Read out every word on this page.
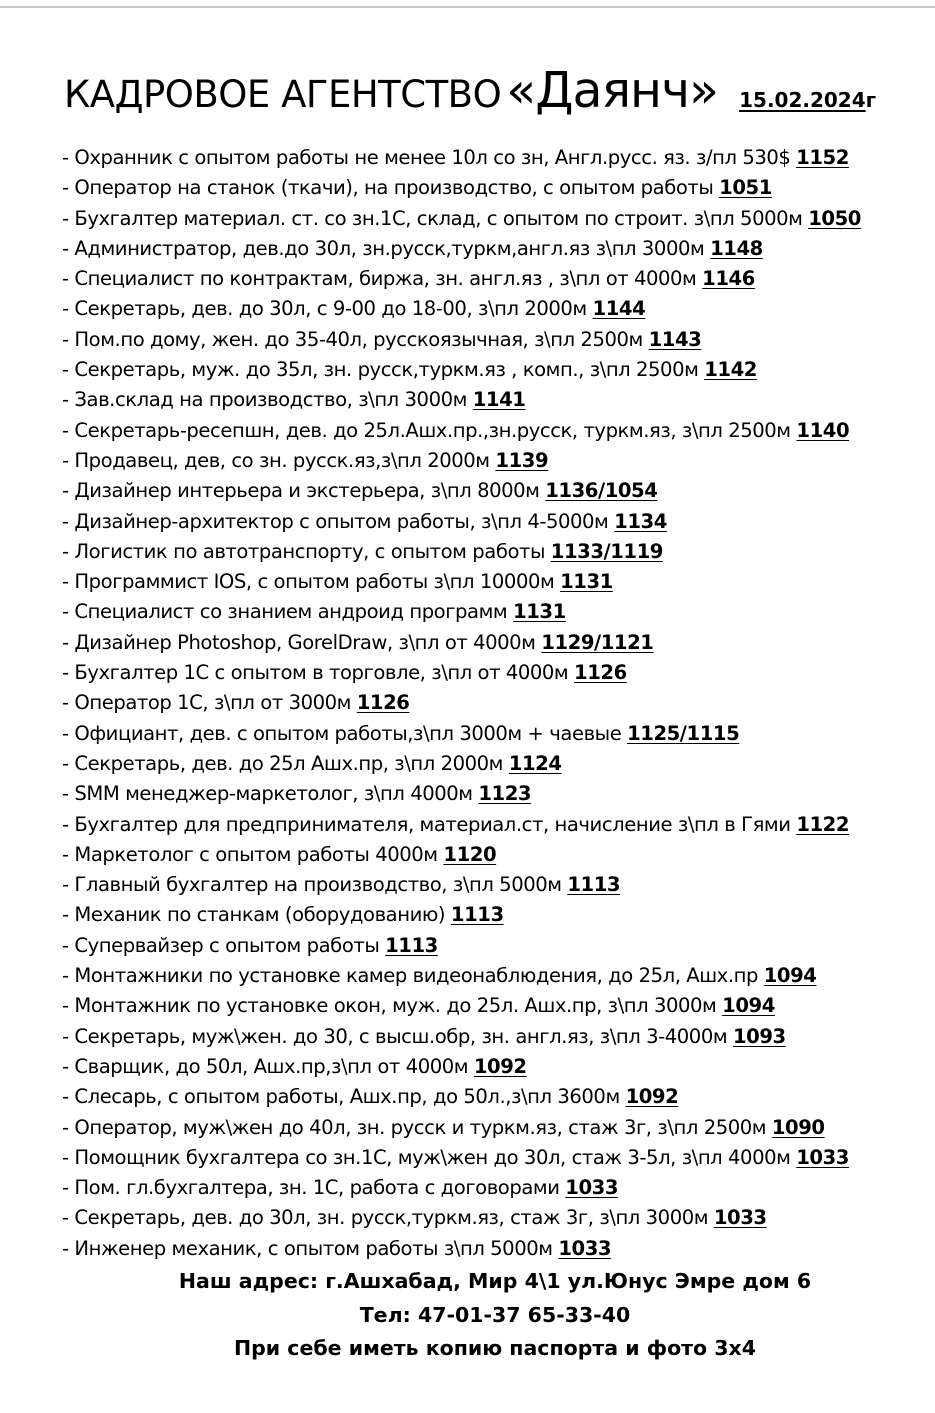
КАДРОВОЕ АГЕНТСТВО «Даянч» 15.02.2024г
- Охранник с опытом работы не менее 10л со зн, Англ.русс. яз. з/пл 530$ 1152
- Оператор на станок (ткачи), на производство, с опытом работы 1051
- Бухгалтер материал. ст. со зн.1С, склад, с опытом по строит. з\пл 5000м 1050
- Администратор, дев.до 30л, зн.русск,туркм,англ.яз з\пл 3000м 1148
- Специалист по контрактам, биржа, зн. англ.яз , з\пл от 4000м 1146
- Секретарь, дев. до 30л, с 9-00 до 18-00, з\пл 2000м 1144
- Пом.по дому, жен. до 35-40л, русскоязычная, з\пл 2500м 1143
- Секретарь, муж. до 35л, зн. русск,туркм.яз , комп., з\пл 2500м 1142
- Зав.склад на производство, з\пл 3000м 1141
- Секретарь-ресепшн, дев. до 25л.Ашх.пр.,зн.русск, туркм.яз, з\пл 2500м 1140
- Продавец, дев, со зн. русск.яз,з\пл 2000м 1139
- Дизайнер интерьера и экстерьера, з\пл 8000м 1136/1054
- Дизайнер-архитектор с опытом работы, з\пл 4-5000м 1134
- Логистик по автотранспорту, с опытом работы 1133/1119
- Программист IOS, с опытом работы з\пл 10000м 1131
- Специалист со знанием андроид программ 1131
- Дизайнер Photoshop, GorelDraw, з\пл от 4000м 1129/1121
- Бухгалтер 1С с опытом в торговле, з\пл от 4000м 1126
- Оператор 1С, з\пл от 3000м 1126
- Официант, дев. с опытом работы,з\пл 3000м + чаевые 1125/1115
- Секретарь, дев. до 25л Ашх.пр, з\пл 2000м 1124
- SMM менеджер-маркетолог, з\пл 4000м 1123
- Бухгалтер для предпринимателя, материал.ст, начисление з\пл в Гями 1122
- Маркетолог с опытом работы 4000м 1120
- Главный бухгалтер на производство, з\пл 5000м 1113
- Механик по станкам (оборудованию) 1113
- Супервайзер с опытом работы 1113
- Монтажники по установке камер видеонаблюдения, до 25л, Ашх.пр 1094
- Монтажник по установке окон, муж. до 25л. Ашх.пр, з\пл 3000м 1094
- Секретарь, муж\жен. до 30, с высш.обр, зн. англ.яз, з\пл 3-4000м 1093
- Сварщик, до 50л, Ашх.пр,з\пл от 4000м 1092
- Слесарь, с опытом работы, Ашх.пр, до 50л.,з\пл 3600м 1092
- Оператор, муж\жен до 40л, зн. русск и туркм.яз, стаж 3г, з\пл 2500м 1090
- Помощник бухгалтера со зн.1С, муж\жен до 30л, стаж 3-5л, з\пл 4000м 1033
- Пом. гл.бухгалтера, зн. 1С, работа с договорами 1033
- Секретарь, дев. до 30л, зн. русск,туркм.яз, стаж 3г, з\пл 3000м 1033
- Инженер механик, с опытом работы з\пл 5000м 1033
Наш адрес: г.Ашхабад, Мир 4\1 ул.Юнус Эмре дом 6
Тел: 47-01-37 65-33-40
При себе иметь копию паспорта и фото 3х4
